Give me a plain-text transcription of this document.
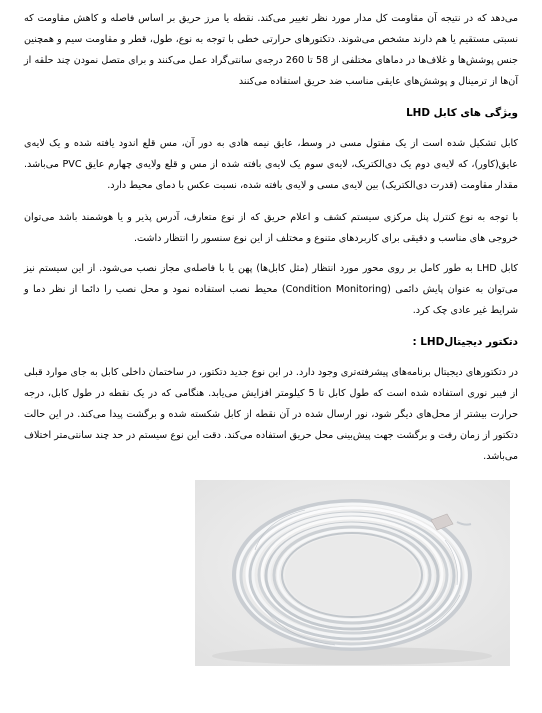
می‌دهد که در نتیجه آن مقاومت کل مدار مورد نظر تغییر می‌کند. نقطه یا مرز حریق بر اساس فاصله و کاهش مقاومت که نسبتی مستقیم یا هم دارند مشخص می‌شوند. دتکتورهای حرارتی خطی با توجه به نوع، طول، قطر و مقاومت سیم و همچنین جنس پوشش‌ها و غلاف‌ها در دماهای مختلفی از 58 تا 260 درجه‌ی سانتی‌گراد عمل می‌کنند و برای متصل نمودن چند حلقه از آن‌ها از ترمینال و پوشش‌های عایقی مناسب ضد حریق استفاده می‌کنند

ویژگی های کابل LHD

کابل تشکیل شده است از یک مفتول مسی در وسط، عایق نیمه هادی به دور آن، مس قلع اندود یافته شده و یک لایه‌ی عایق(کاور)، که لایه‌ی دوم یک دی‌الکتریک، لایه‌ی سوم یک لایه‌ی بافته شده از مس و قلع ولایه‌ی چهارم عایق PVC می‌باشد. مقدار مقاومت (قدرت دی‌الکتریک) بین لایه‌ی مسی و لایه‌ی بافته شده، نسبت عکس با دمای محیط دارد.

با توجه به نوع کنترل پنل مرکزی سیستم کشف و اعلام حریق که از نوع متعارف، آدرس پذیر و یا هوشمند باشد می‌توان خروجی های مناسب و دقیقی برای کاربردهای متنوع و مختلف از این نوع سنسور را انتظار داشت.

کابل LHD به طور کامل بر روی محور مورد انتظار (مثل کابل‌ها) پهن یا با فاصله‌ی مجاز نصب می‌شود. از این سیستم نیز می‌توان به عنوان پایش دائمی (Condition Monitoring) محیط نصب استفاده نمود و محل نصب را دائما از نظر دما و شرایط غیر عادی چک کرد.

دتکتور دیجیتالLHD :

در دتکتورهای دیجیتال برنامه‌های پیشرفته‌تری وجود دارد. در این نوع جدید دتکتور، در ساختمان داخلی کابل به جای موارد قبلی از فیبر نوری استفاده شده است که طول کابل تا 5 کیلومتر افزایش می‌یابد. هنگامی که در یک نقطه در طول کابل، درجه حرارت بیشتر از محل‌های دیگر شود، نور ارسال شده در آن نقطه از کابل شکسته شده و برگشت پیدا می‌کند. در این حالت دتکتور از زمان رفت و برگشت جهت پیش‌بینی محل حریق استفاده می‌کند. دقت این نوع سیستم در حد چند سانتی‌متر اختلاف می‌باشد.
